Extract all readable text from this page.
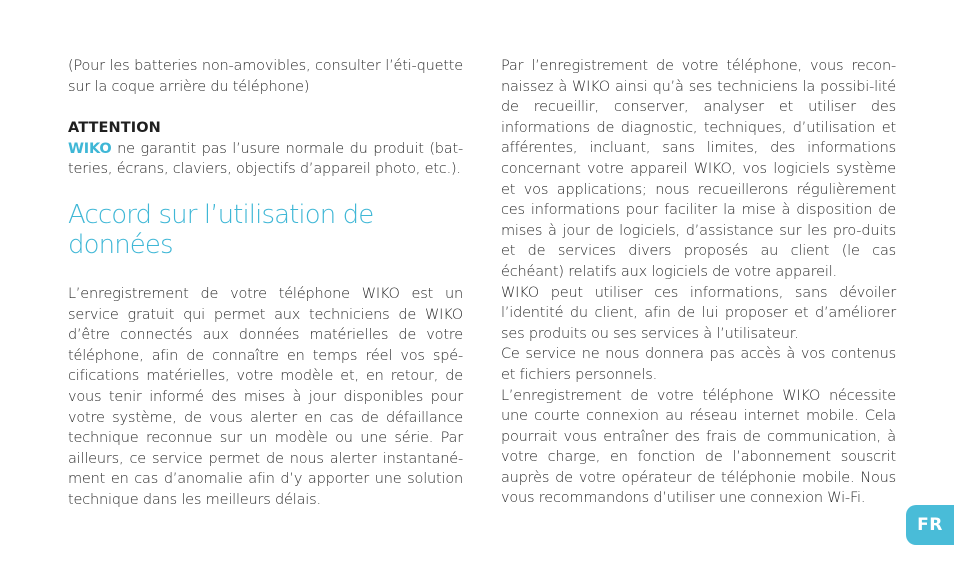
(Pour les batteries non-amovibles, consulter l’éti-quette sur la coque arrière du téléphone)

ATTENTION

WIKO ne garantit pas l’usure normale du produit (bat-teries, écrans, claviers, objectifs d’appareil photo, etc.).

Accord sur l’utilisation de données

L’enregistrement de votre téléphone WIKO est un service gratuit qui permet aux techniciens de WIKO d’être connectés aux données matérielles de votre téléphone, afin de connaître en temps réel vos spé-cifications matérielles, votre modèle et, en retour, de vous tenir informé des mises à jour disponibles pour votre système, de vous alerter en cas de défaillance technique reconnue sur un modèle ou une série. Par ailleurs, ce service permet de nous alerter instantané-ment en cas d’anomalie afin d’y apporter une solution technique dans les meilleurs délais.

Par l’enregistrement de votre téléphone, vous recon-naissez à WIKO ainsi qu’à ses techniciens la possibi-lité de recueillir, conserver, analyser et utiliser des informations de diagnostic, techniques, d’utilisation et afférentes, incluant, sans limites, des informations concernant votre appareil WIKO, vos logiciels système et vos applications; nous recueillerons régulièrement ces informations pour faciliter la mise à disposition de mises à jour de logiciels, d’assistance sur les pro-duits et de services divers proposés au client (le cas échéant) relatifs aux logiciels de votre appareil.

WIKO peut utiliser ces informations, sans dévoiler l’identité du client, afin de lui proposer et d’améliorer ses produits ou ses services à l’utilisateur.

Ce service ne nous donnera pas accès à vos contenus et fichiers personnels.

L’enregistrement de votre téléphone WIKO nécessite une courte connexion au réseau internet mobile. Cela pourrait vous entraîner des frais de communication, à votre charge, en fonction de l’abonnement souscrit auprès de votre opérateur de téléphonie mobile. Nous vous recommandons d’utiliser une connexion Wi-Fi.

FR
